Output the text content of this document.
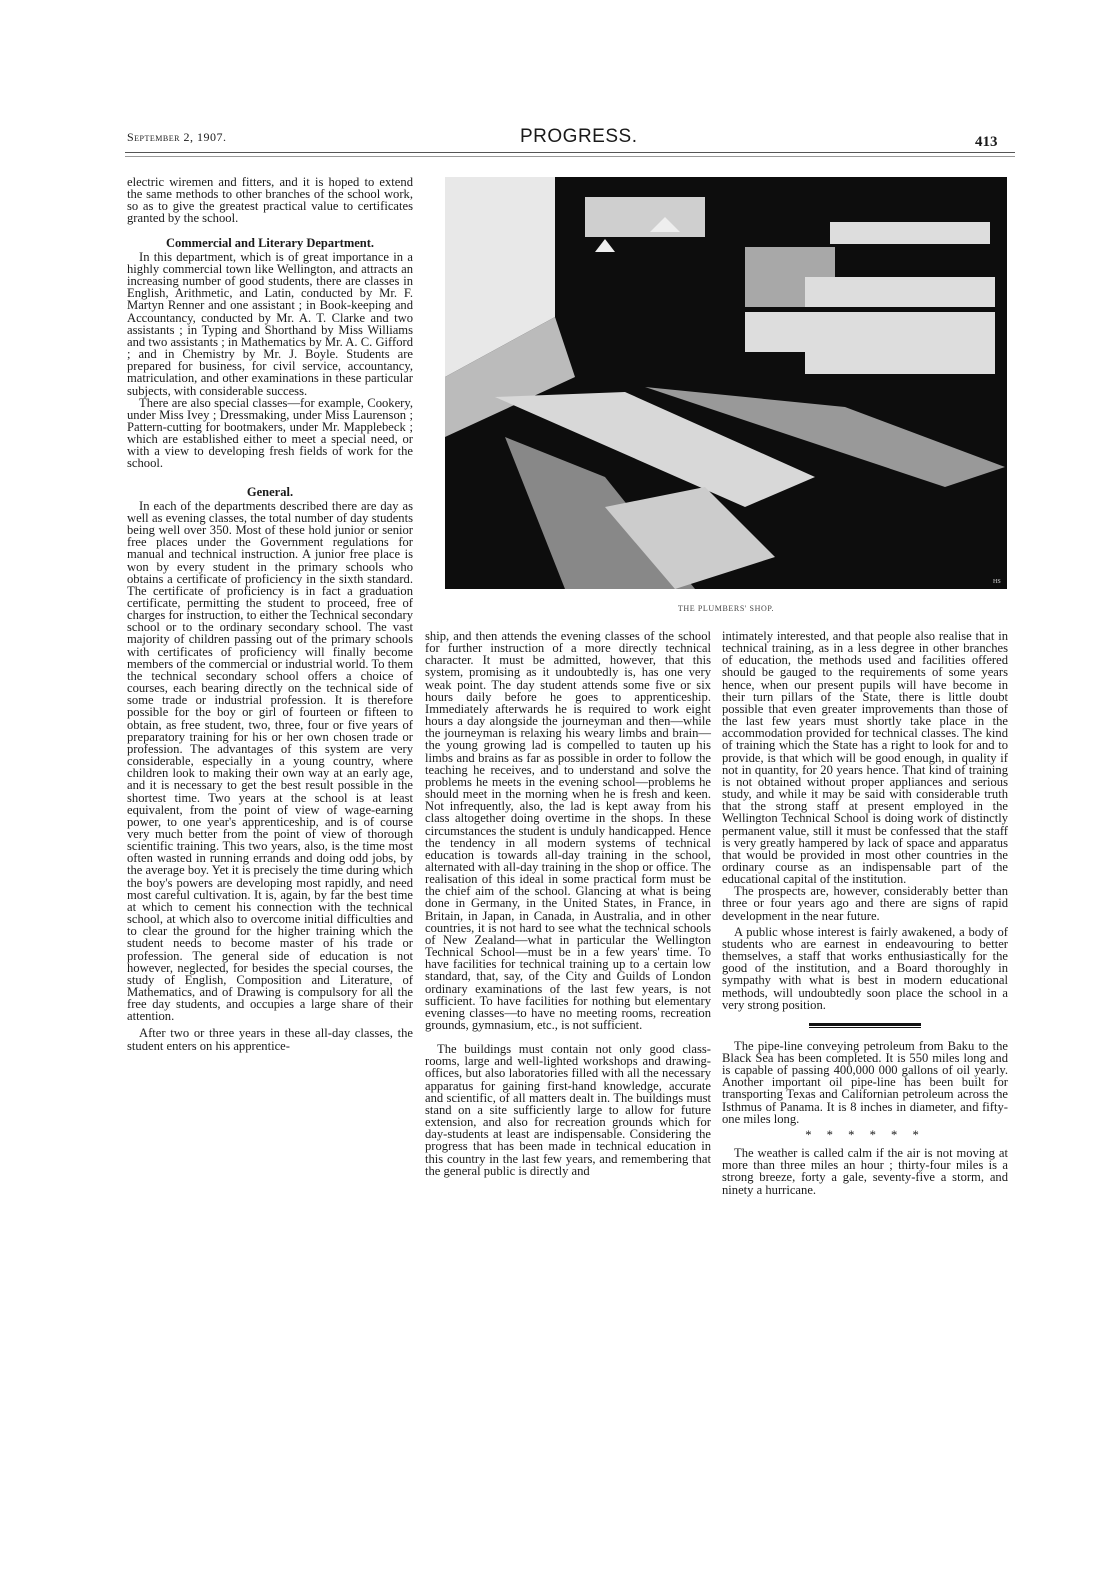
September 2, 1907.	PROGRESS.	413

electric wiremen and fitters, and it is hoped to extend the same methods to other branches of the school work, so as to give the greatest practical value to certificates granted by the school.

Commercial and Literary Department.

In this department, which is of great importance in a highly commercial town like Wellington, and attracts an increasing number of good students, there are classes in English, Arithmetic, and Latin, conducted by Mr. F. Martyn Renner and one assistant ; in Book-keeping and Accountancy, conducted by Mr. A. T. Clarke and two assistants ; in Typing and Shorthand by Miss Williams and two assistants ; in Mathematics by Mr. A. C. Gifford ; and in Chemistry by Mr. J. Boyle. Students are prepared for business, for civil service, accountancy, matriculation, and other examinations in these particular subjects, with considerable success.

There are also special classes—for example, Cookery, under Miss Ivey ; Dressmaking, under Miss Laurenson ; Pattern-cutting for bootmakers, under Mr. Mapplebeck ; which are established either to meet a special need, or with a view to developing fresh fields of work for the school.

General.

In each of the departments described there are day as well as evening classes, the total number of day students being well over 350. Most of these hold junior or senior free places under the Government regulations for manual and technical instruction. A junior free place is won by every student in the primary schools who obtains a certificate of proficiency in the sixth standard. The certificate of proficiency is in fact a graduation certificate, permitting the student to proceed, free of charges for instruction, to either the Technical secondary school or to the ordinary secondary school. The vast majority of children passing out of the primary schools with certificates of proficiency will finally become members of the commercial or industrial world. To them the technical secondary school offers a choice of courses, each bearing directly on the technical side of some trade or industrial profession. It is therefore possible for the boy or girl of fourteen or fifteen to obtain, as free student, two, three, four or five years of preparatory training for his or her own chosen trade or profession. The advantages of this system are very considerable, especially in a young country, where children look to making their own way at an early age, and it is necessary to get the best result possible in the shortest time. Two years at the school is at least equivalent, from the point of view of wage-earning power, to one year's apprenticeship, and is of course very much better from the point of view of thorough scientific training. This two years, also, is the time most often wasted in running errands and doing odd jobs, by the average boy. Yet it is precisely the time during which the boy's powers are developing most rapidly, and need most careful cultivation. It is, again, by far the best time at which to cement his connection with the technical school, at which also to overcome initial difficulties and to clear the ground for the higher training which the student needs to become master of his trade or profession. The general side of education is not however, neglected, for besides the special courses, the study of English, Composition and Literature, of Mathematics, and of Drawing is compulsory for all the free day students, and occupies a large share of their attention.

After two or three years in these all-day classes, the student enters on his apprentice-

HS
THE PLUMBERS' SHOP.

ship, and then attends the evening classes of the school for further instruction of a more directly technical character. It must be admitted, however, that this system, promising as it undoubtedly is, has one very weak point. The day student attends some five or six hours daily before he goes to apprenticeship. Immediately afterwards he is required to work eight hours a day alongside the journeyman and then—while the journeyman is relaxing his weary limbs and brain—the young growing lad is compelled to tauten up his limbs and brains as far as possible in order to follow the teaching he receives, and to understand and solve the problems he meets in the evening school—problems he should meet in the morning when he is fresh and keen. Not infrequently, also, the lad is kept away from his class altogether doing overtime in the shops. In these circumstances the student is unduly handicapped. Hence the tendency in all modern systems of technical education is towards all-day training in the school, alternated with all-day training in the shop or office. The realisation of this ideal in some practical form must be the chief aim of the school. Glancing at what is being done in Germany, in the United States, in France, in Britain, in Japan, in Canada, in Australia, and in other countries, it is not hard to see what the technical schools of New Zealand—what in particular the Wellington Technical School—must be in a few years' time. To have facilities for technical training up to a certain low standard, that, say, of the City and Guilds of London ordinary examinations of the last few years, is not sufficient. To have facilities for nothing but elementary evening classes—to have no meeting rooms, recreation grounds, gymnasium, etc., is not sufficient.

The buildings must contain not only good class-rooms, large and well-lighted workshops and drawing-offices, but also laboratories filled with all the necessary apparatus for gaining first-hand knowledge, accurate and scientific, of all matters dealt in. The buildings must stand on a site sufficiently large to allow for future extension, and also for recreation grounds which for day-students at least are indispensable. Considering the progress that has been made in technical education in this country in the last few years, and remembering that the general public is directly and

intimately interested, and that people also realise that in technical training, as in a less degree in other branches of education, the methods used and facilities offered should be gauged to the requirements of some years hence, when our present pupils will have become in their turn pillars of the State, there is little doubt possible that even greater improvements than those of the last few years must shortly take place in the accommodation provided for technical classes. The kind of training which the State has a right to look for and to provide, is that which will be good enough, in quality if not in quantity, for 20 years hence. That kind of training is not obtained without proper appliances and serious study, and while it may be said with considerable truth that the strong staff at present employed in the Wellington Technical School is doing work of distinctly permanent value, still it must be confessed that the staff is very greatly hampered by lack of space and apparatus that would be provided in most other countries in the ordinary course as an indispensable part of the educational capital of the institution.

The prospects are, however, considerably better than three or four years ago and there are signs of rapid development in the near future.

A public whose interest is fairly awakened, a body of students who are earnest in endeavouring to better themselves, a staff that works enthusiastically for the good of the institution, and a Board thoroughly in sympathy with what is best in modern educational methods, will undoubtedly soon place the school in a very strong position.

The pipe-line conveying petroleum from Baku to the Black Sea has been completed. It is 550 miles long and is capable of passing 400,000 000 gallons of oil yearly. Another important oil pipe-line has been built for transporting Texas and Californian petroleum across the Isthmus of Panama. It is 8 inches in diameter, and fifty-one miles long.

* * * * * *

The weather is called calm if the air is not moving at more than three miles an hour ; thirty-four miles is a strong breeze, forty a gale, seventy-five a storm, and ninety a hurricane.
